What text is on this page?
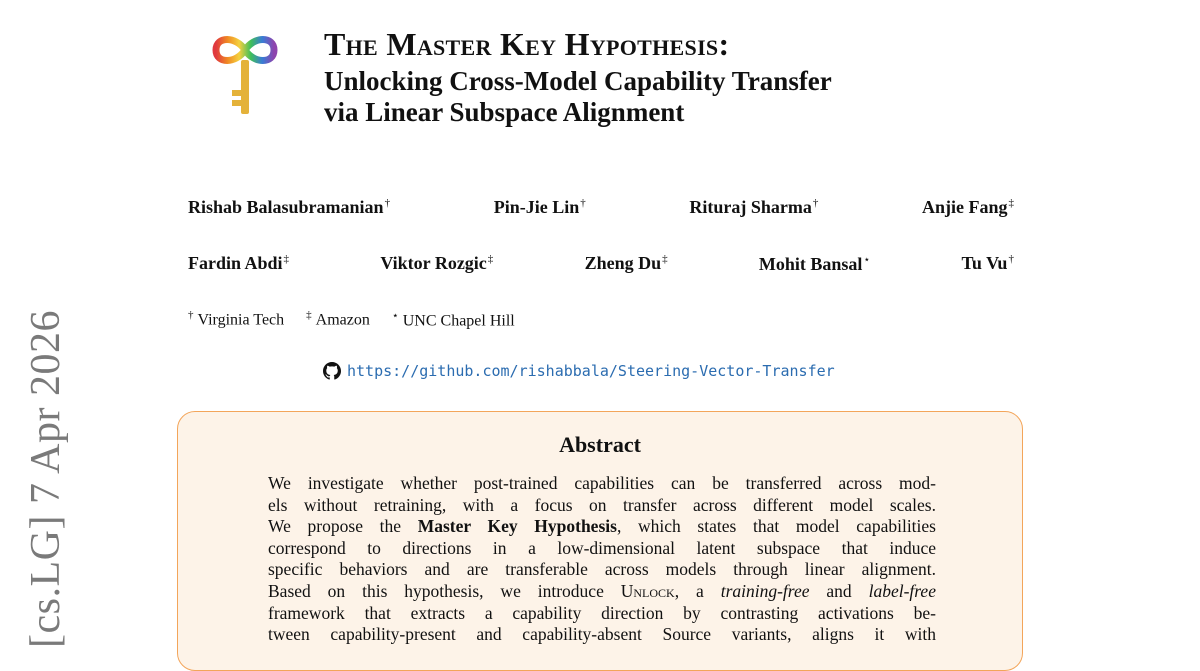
[cs.LG] 7 Apr 2026
The Master Key Hypothesis:
Unlocking Cross-Model Capability Transfer
via Linear Subspace Alignment
Rishab Balasubramanian†	Pin-Jie Lin†	Rituraj Sharma†	Anjie Fang‡
Fardin Abdi‡	Viktor Rozgic‡	Zheng Du‡	Mohit Bansal⋆	Tu Vu†
† Virginia Tech ‡ Amazon ⋆ UNC Chapel Hill
https://github.com/rishabbala/Steering-Vector-Transfer
Abstract
We investigate whether post-trained capabilities can be transferred across mod-
els without retraining, with a focus on transfer across different model scales.
We propose the Master Key Hypothesis, which states that model capabilities
correspond to directions in a low-dimensional latent subspace that induce
specific behaviors and are transferable across models through linear alignment.
Based on this hypothesis, we introduce Unlock, a training-free and label-free
framework that extracts a capability direction by contrasting activations be-
tween capability-present and capability-absent Source variants, aligns it with
